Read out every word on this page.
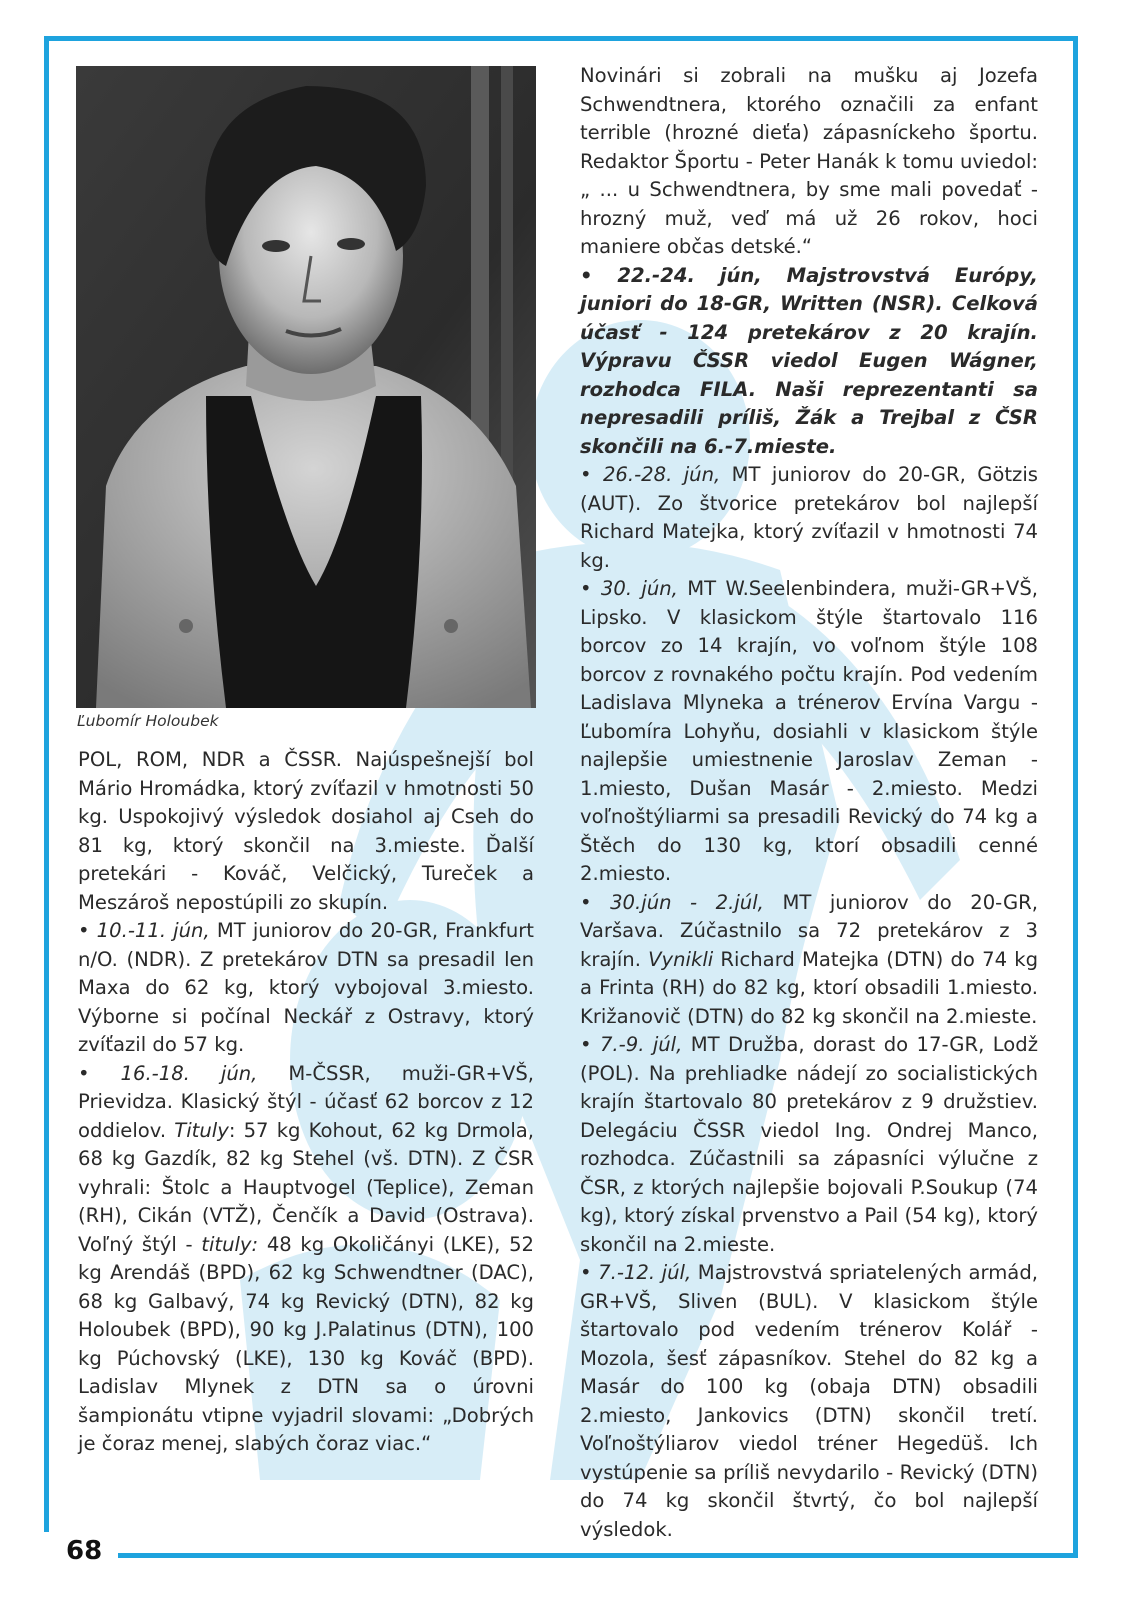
68
Ľubomír Holoubek

POL, ROM, NDR a ČSSR. Najúspešnejší bol Mário Hromádka, ktorý zvíťazil v hmotnosti 50 kg. Uspokojivý výsledok dosiahol aj Cseh do 81 kg, ktorý skončil na 3.mieste. Ďalší pretekári - Kováč, Velčický, Tureček a Meszároš nepostúpili zo skupín.

• 10.-11. jún, MT juniorov do 20-GR, Frankfurt n/O. (NDR). Z pretekárov DTN sa presadil len Maxa do 62 kg, ktorý vybojoval 3.miesto. Výborne si počínal Neckář z Ostravy, ktorý zvíťazil do 57 kg.

• 16.-18. jún, M-ČSSR, muži-GR+VŠ, Prievidza. Klasický štýl - účasť 62 borcov z 12 oddielov. Tituly: 57 kg Kohout, 62 kg Drmola, 68 kg Gazdík, 82 kg Stehel (vš. DTN). Z ČSR vyhrali: Štolc a Hauptvogel (Teplice), Zeman (RH), Cikán (VTŽ), Čenčík a David (Ostrava). Voľný štýl - tituly: 48 kg Okoličányi (LKE), 52 kg Arendáš (BPD), 62 kg Schwendtner (DAC), 68 kg Galbavý, 74 kg Revický (DTN), 82 kg Holoubek (BPD), 90 kg J.Palatinus (DTN), 100 kg Púchovský (LKE), 130 kg Kováč (BPD). Ladislav Mlynek z DTN sa o úrovni šampionátu vtipne vyjadril slovami: „Dobrých je čoraz menej, slabých čoraz viac.“

Novinári si zobrali na mušku aj Jozefa Schwendtnera, ktorého označili za enfant terrible (hrozné dieťa) zápasníckeho športu. Redaktor Športu - Peter Hanák k tomu uviedol: „ ... u Schwendtnera, by sme mali povedať - hrozný muž, veď má už 26 rokov, hoci maniere občas detské.“

• 22.-24. jún, Majstrovstvá Európy, juniori do 18-GR, Written (NSR). Celková účasť - 124 pretekárov z 20 krajín. Výpravu ČSSR viedol Eugen Wágner, rozhodca FILA. Naši reprezentanti sa nepresadili príliš, Žák a Trejbal z ČSR skončili na 6.-7.mieste.

• 26.-28. jún, MT juniorov do 20-GR, Götzis (AUT). Zo štvorice pretekárov bol najlepší Richard Matejka, ktorý zvíťazil v hmotnosti 74 kg.

• 30. jún, MT W.Seelenbindera, muži-GR+VŠ, Lipsko. V klasickom štýle štartovalo 116 borcov zo 14 krajín, vo voľnom štýle 108 borcov z rovnakého počtu krajín. Pod vedením Ladislava Mlyneka a trénerov Ervína Vargu - Ľubomíra Lohyňu, dosiahli v klasickom štýle najlepšie umiestnenie Jaroslav Zeman - 1.miesto, Dušan Masár - 2.miesto. Medzi voľnoštýliarmi sa presadili Revický do 74 kg a Štěch do 130 kg, ktorí obsadili cenné 2.miesto.

• 30.jún - 2.júl, MT juniorov do 20-GR, Varšava. Zúčastnilo sa 72 pretekárov z 3 krajín. Vynikli Richard Matejka (DTN) do 74 kg a Frinta (RH) do 82 kg, ktorí obsadili 1.miesto. Križanovič (DTN) do 82 kg skončil na 2.mieste.

• 7.-9. júl, MT Družba, dorast do 17-GR, Lodž (POL). Na prehliadke nádejí zo socialistických krajín štartovalo 80 pretekárov z 9 družstiev. Delegáciu ČSSR viedol Ing. Ondrej Manco, rozhodca. Zúčastnili sa zápasníci výlučne z ČSR, z ktorých najlepšie bojovali P.Soukup (74 kg), ktorý získal prvenstvo a Pail (54 kg), ktorý skončil na 2.mieste.

• 7.-12. júl, Majstrovstvá spriatelených armád, GR+VŠ, Sliven (BUL). V klasickom štýle štartovalo pod vedením trénerov Kolář - Mozola, šesť zápasníkov. Stehel do 82 kg a Masár do 100 kg (obaja DTN) obsadili 2.miesto, Jankovics (DTN) skončil tretí. Voľnoštýliarov viedol tréner Hegedüš. Ich vystúpenie sa príliš nevydarilo - Revický (DTN) do 74 kg skončil štvrtý, čo bol najlepší výsledok.
